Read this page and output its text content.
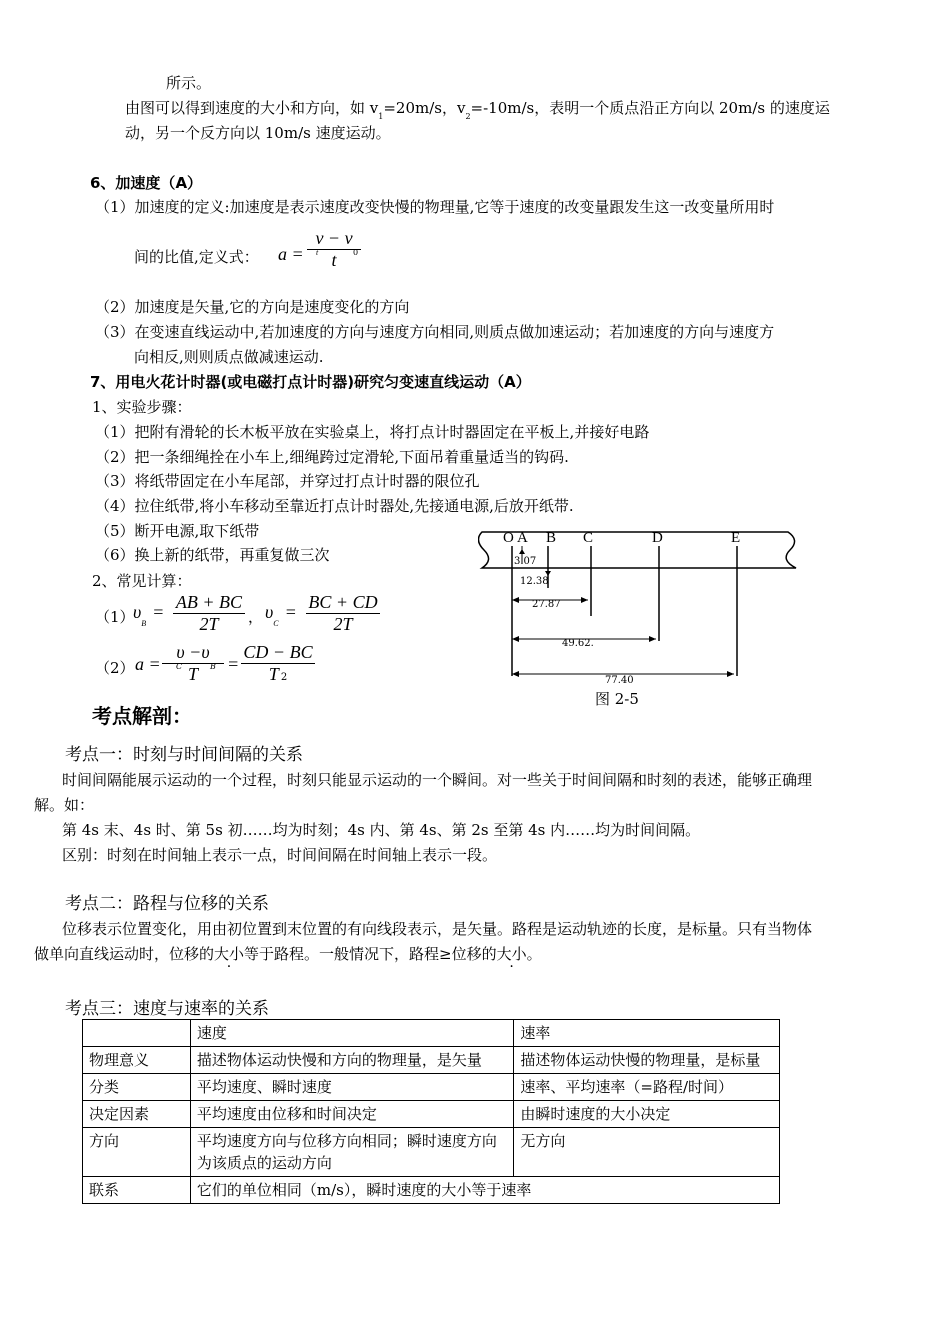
所示。
由图可以得到速度的大小和方向，如 $v_1=20m/s$，$v_2=-10m/s$，表明一个质点沿正方向以 20m/s 的速度运
动，另一个反方向以 10m/s 速度运动。
6、加速度（A）
（1）加速度的定义:加速度是表示速度改变快慢的物理量,它等于速度的改变量跟发生这一改变量所用时
间的比值,定义式： a =
v − v
t
t	0
（2）加速度是矢量,它的方向是速度变化的方向
（3）在变速直线运动中,若加速度的方向与速度方向相同,则质点做加速运动；若加速度的方向与速度方
向相反,则则质点做减速运动.
7、用电火花计时器(或电磁打点计时器)研究匀变速直线运动（A）
1、实验步骤：
（1）把附有滑轮的长木板平放在实验桌上，将打点计时器固定在平板上,并接好电路
（2）把一条细绳拴在小车上,细绳跨过定滑轮,下面吊着重量适当的钩码.
（3）将纸带固定在小车尾部，并穿过打点计时器的限位孔
（4）拉住纸带,将小车移动至靠近打点计时器处,先接通电源,后放开纸带.
（5）断开电源,取下纸带
（6）换上新的纸带，再重复做三次
2、常见计算：
（1）
$\upsilon_B=$ AB + BC
2T	， $\upsilon_C=$ BC + CD
2T
（2） a =
υ −υ
T
C	B =
CD − BC
T 2
O A B C	D	E
3.07
12.38
27.87
49.62.
77.40
图 2-5
考点解剖：
考点一：时刻与时间间隔的关系
时间间隔能展示运动的一个过程，时刻只能显示运动的一个瞬间。对一些关于时间间隔和时刻的表述，能够正确理
解。如：
第 4s 末、4s 时、第 5s 初……均为时刻；4s 内、第 4s、第 2s 至第 4s 内……均为时间间隔。
区别：时刻在时间轴上表示一点，时间间隔在时间轴上表示一段。
考点二：路程与位移的关系
位移表示位置变化，用由初位置到末位置的有向线段表示，是矢量。路程是运动轨迹的长度，是标量。只有当物体
做单向直线运动时，位移的大小等于路程。一般情况下，路程≥位移的大小。
考点三：速度与速率的关系
	速度	速率
物理意义	描述物体运动快慢和方向的物理量，是矢量	描述物体运动快慢的物理量，是标量
分类	平均速度、瞬时速度	速率、平均速率（=路程/时间）
决定因素	平均速度由位移和时间决定	由瞬时速度的大小决定
方向	平均速度方向与位移方向相同；瞬时速度方向为该质点的运动方向	无方向
联系	它们的单位相同（m/s），瞬时速度的大小等于速率	
